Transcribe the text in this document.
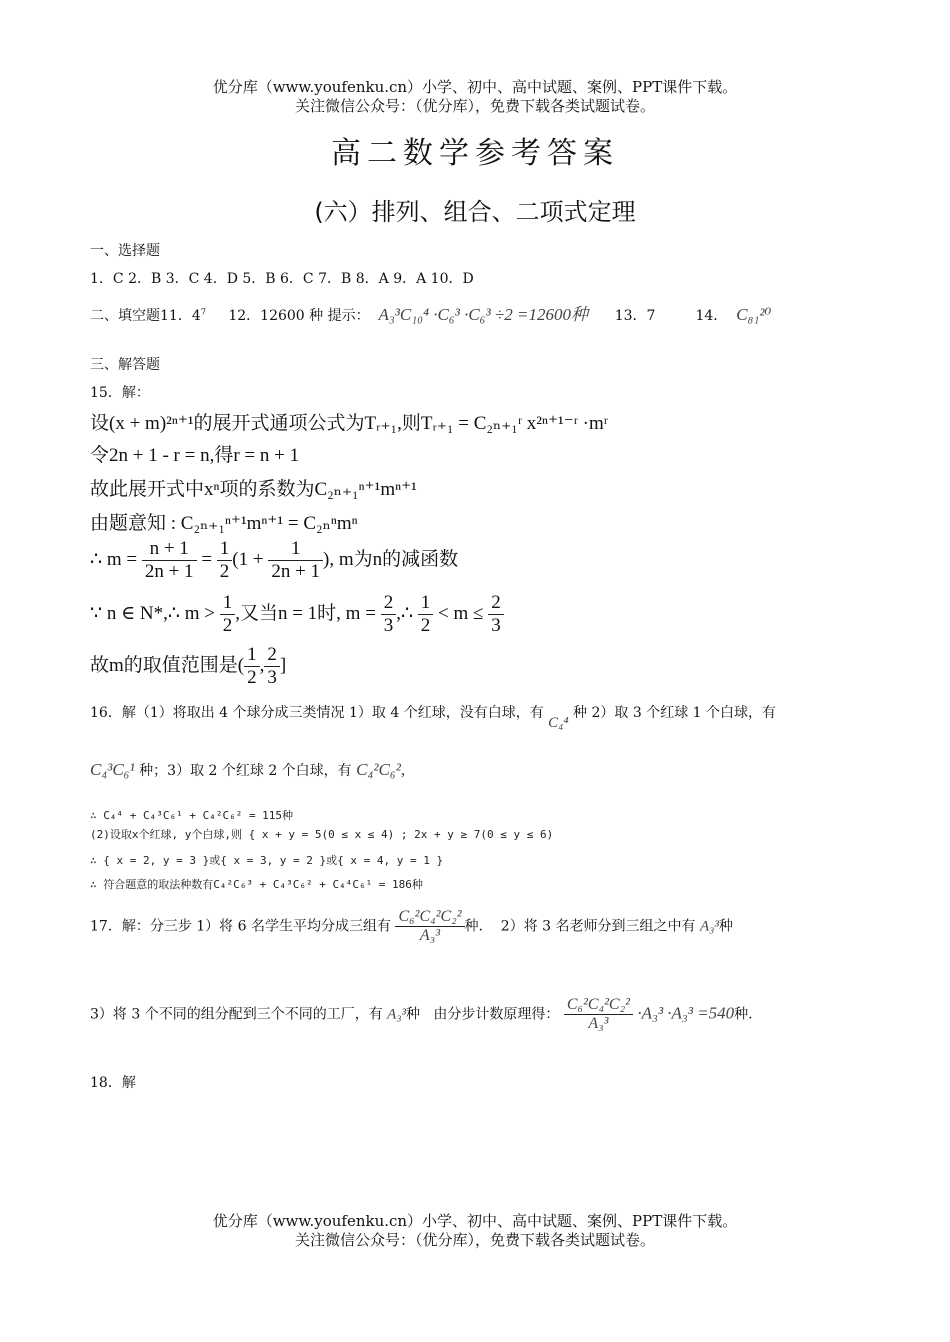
优分库（www.youfenku.cn）小学、初中、高中试题、案例、PPT课件下载。
关注微信公众号：（优分库），免费下载各类试题试卷。
高二数学参考答案
(六）排列、组合、二项式定理
一、选择题
1．C 2．B 3．C 4．D 5．B 6．C 7．B 8．A 9．A 10．D
二、填空题11．$4^7$ 12．12600 种 提示： A₃³C₁₀⁴ ·C₆³ ·C₆³ ÷2 =12600种 13．7	14． C₈₁²⁰
三、解答题
15．解：
设(x + m)²ⁿ⁺¹的展开式通项公式为Tᵣ₊₁,则Tᵣ₊₁ = C₂ₙ₊₁ʳ x²ⁿ⁺¹⁻ʳ ·mʳ
令2n + 1 - r = n,得r = n + 1
故此展开式中xⁿ项的系数为C₂ₙ₊₁ⁿ⁺¹mⁿ⁺¹
由题意知 : C₂ₙ₊₁ⁿ⁺¹mⁿ⁺¹ = C₂ₙⁿmⁿ
∴ $m = \frac{n + 1}{2n + 1} = \frac{1}{2} (1 + \frac{1}{2n + 1}$ ), m为n的减函数
∵ n ∈ N*,∴ $m > \frac{1}{2}$ ,又当n = 1时, $m = \frac{2}{3}$ ,∴ $\frac{1}{2} < m \le \frac{2}{3}$
故m的取值范围是( $\frac{1}{2}$ , $\frac{2}{3}$ ]
16．解（1）将取出 4 个球分成三类情况 1）取 4 个红球，没有白球，有 C₄⁴ 种 2）取 3 个红球 1 个白球，有
C₄³C₆¹ 种；3）取 2 个红球 2 个白球，有 C₄²C₆²,
∴ C₄⁴ + C₄³C₆¹ + C₄²C₆² = 115种
(2)设取x个红球, y个白球,则 { x + y = 5(0 ≤ x ≤ 4) ; 2x + y ≥ 7(0 ≤ y ≤ 6)
∴ { x = 2, y = 3 }或{ x = 3, y = 2 }或{ x = 4, y = 1 }
∴ 符合题意的取法种数有C₄²C₆³ + C₄³C₆² + C₄⁴C₆¹ = 186种
17．解：分三步 1）将 6 名学生平均分成三组有 $\frac{\text{C₆²C₄²C₂²}}{\text{A₃³}}$ 种. 2）将 3 名老师分到三组之中有 A₃³种
3）将 3 个不同的组分配到三个不同的工厂，有 A₃³种 由分步计数原理得： $\frac{\text{C₆²C₄²C₂²}}{\text{A₃³}} \cdot A_3^3 \cdot A_3^3 =540$种.
18．解
优分库（www.youfenku.cn）小学、初中、高中试题、案例、PPT课件下载。
关注微信公众号：（优分库），免费下载各类试题试卷。
